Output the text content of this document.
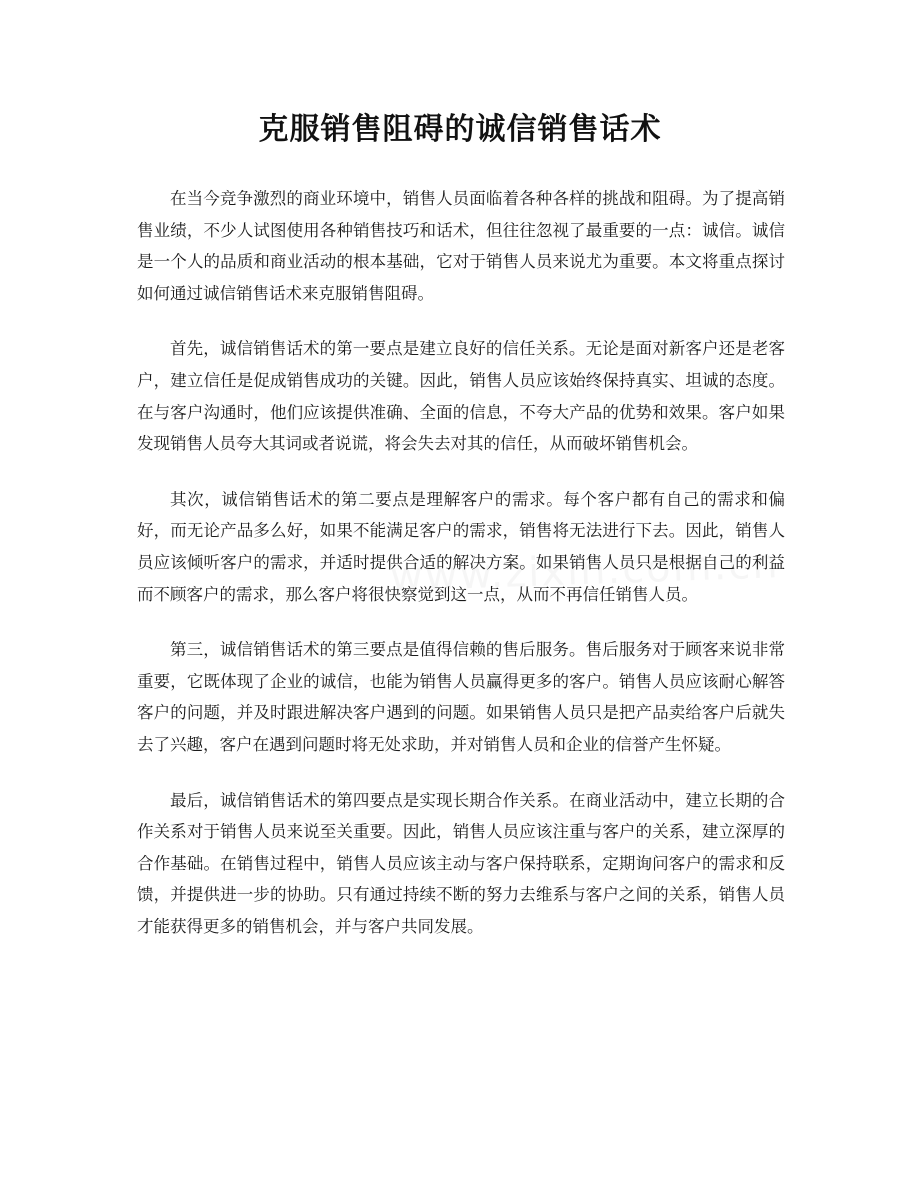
克服销售阻碍的诚信销售话术

在当今竞争激烈的商业环境中，销售人员面临着各种各样的挑战和阻碍。为了提高销售业绩，不少人试图使用各种销售技巧和话术，但往往忽视了最重要的一点：诚信。诚信是一个人的品质和商业活动的根本基础，它对于销售人员来说尤为重要。本文将重点探讨如何通过诚信销售话术来克服销售阻碍。

首先，诚信销售话术的第一要点是建立良好的信任关系。无论是面对新客户还是老客户，建立信任是促成销售成功的关键。因此，销售人员应该始终保持真实、坦诚的态度。在与客户沟通时，他们应该提供准确、全面的信息，不夸大产品的优势和效果。客户如果发现销售人员夸大其词或者说谎，将会失去对其的信任，从而破坏销售机会。

其次，诚信销售话术的第二要点是理解客户的需求。每个客户都有自己的需求和偏好，而无论产品多么好，如果不能满足客户的需求，销售将无法进行下去。因此，销售人员应该倾听客户的需求，并适时提供合适的解决方案。如果销售人员只是根据自己的利益而不顾客户的需求，那么客户将很快察觉到这一点，从而不再信任销售人员。

第三，诚信销售话术的第三要点是值得信赖的售后服务。售后服务对于顾客来说非常重要，它既体现了企业的诚信，也能为销售人员赢得更多的客户。销售人员应该耐心解答客户的问题，并及时跟进解决客户遇到的问题。如果销售人员只是把产品卖给客户后就失去了兴趣，客户在遇到问题时将无处求助，并对销售人员和企业的信誉产生怀疑。

最后，诚信销售话术的第四要点是实现长期合作关系。在商业活动中，建立长期的合作关系对于销售人员来说至关重要。因此，销售人员应该注重与客户的关系，建立深厚的合作基础。在销售过程中，销售人员应该主动与客户保持联系，定期询问客户的需求和反馈，并提供进一步的协助。只有通过持续不断的努力去维系与客户之间的关系，销售人员才能获得更多的销售机会，并与客户共同发展。
